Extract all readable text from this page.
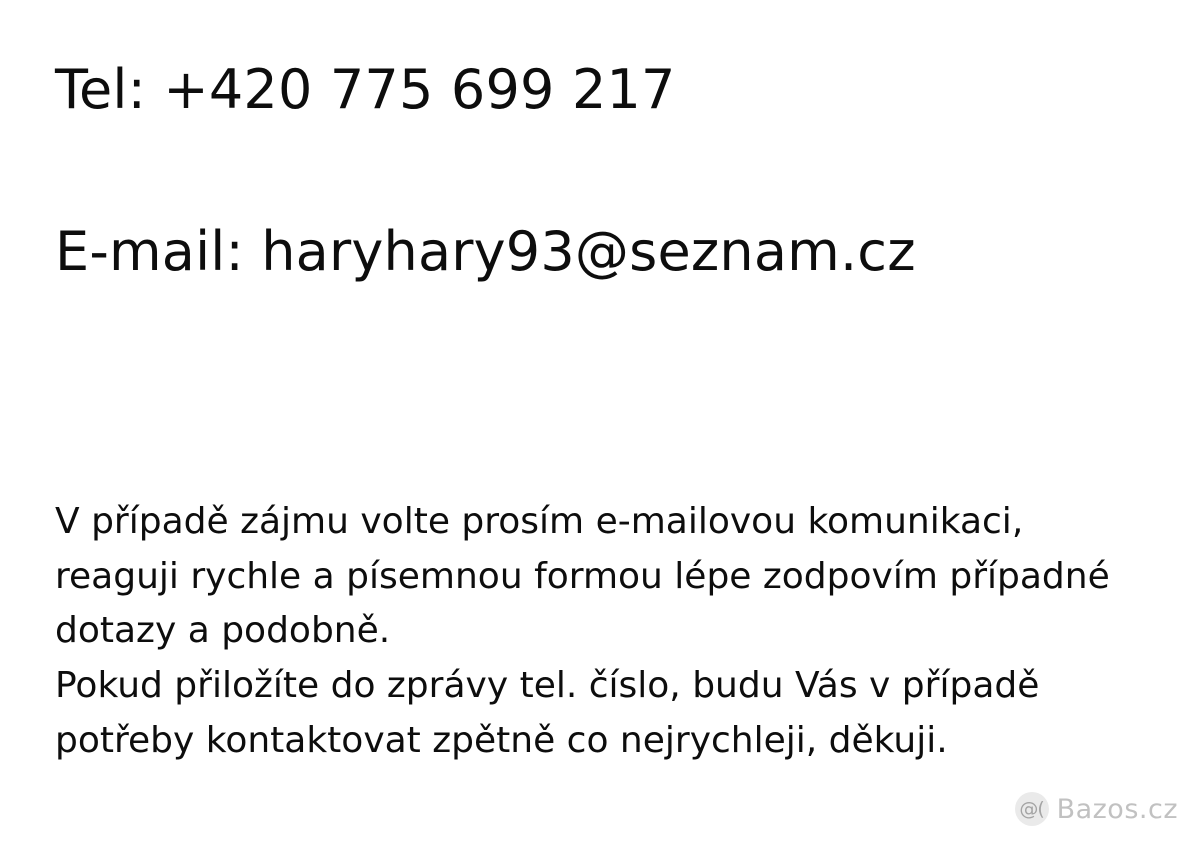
Tel: +420 775 699 217
E-mail: haryhary93@seznam.cz
V případě zájmu volte prosím e-mailovou komunikaci,
reaguji rychle a písemnou formou lépe zodpovím případné
dotazy a podobně.
Pokud přiložíte do zprávy tel. číslo, budu Vás v případě
potřeby kontaktovat zpětně co nejrychleji, děkuji.
@( Bazos.cz
